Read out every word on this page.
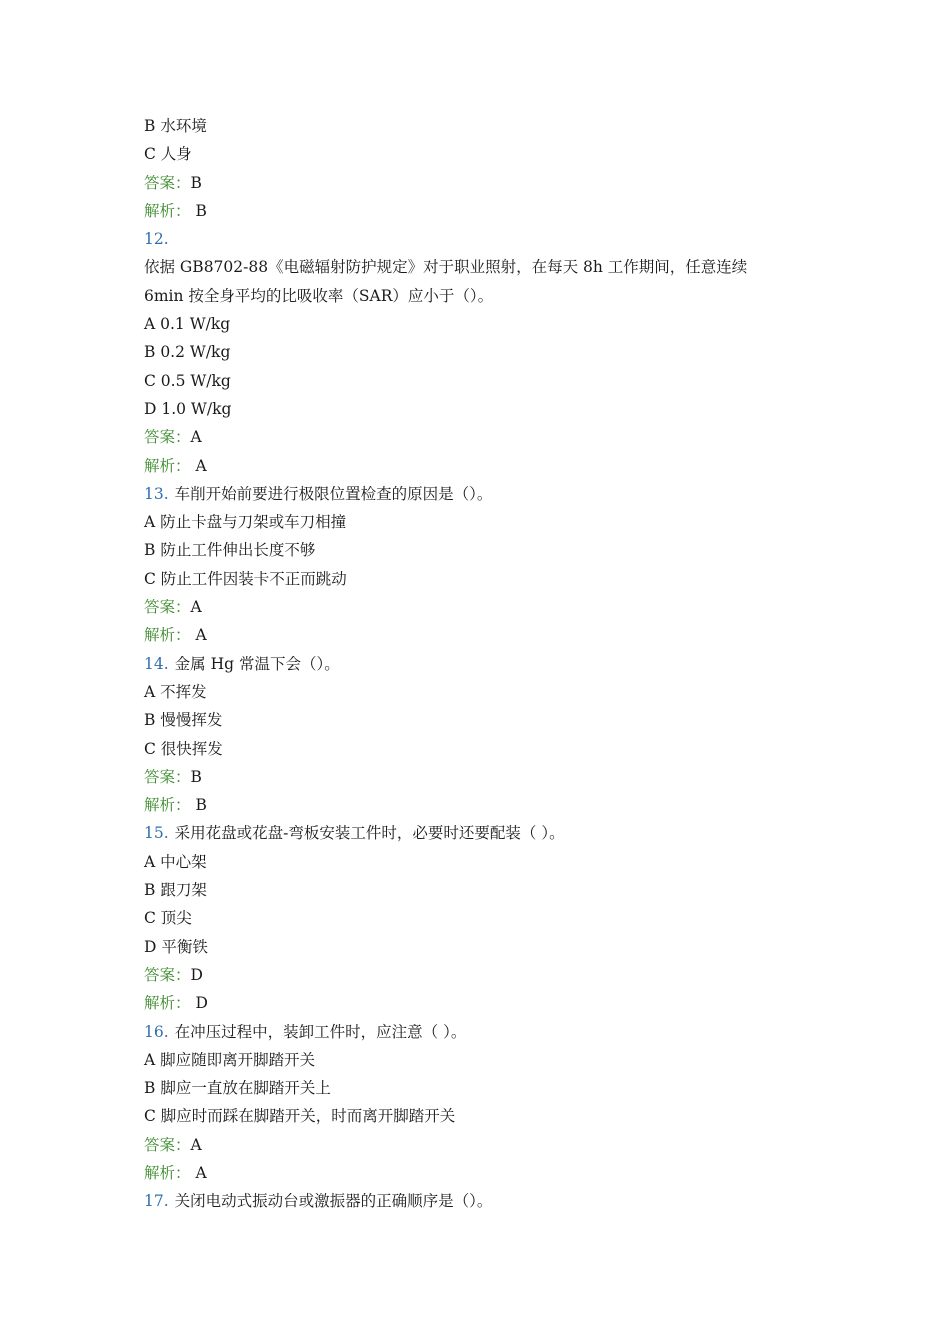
B 水环境
C 人身
答案：B
解析： B
12.
依据 GB8702-88《电磁辐射防护规定》对于职业照射，在每天 8h 工作期间，任意连续
6min 按全身平均的比吸收率（SAR）应小于（）。
A 0.1 W/kg
B 0.2 W/kg
C 0.5 W/kg
D 1.0 W/kg
答案：A
解析： A
13. 车削开始前要进行极限位置检查的原因是（）。
A 防止卡盘与刀架或车刀相撞
B 防止工件伸出长度不够
C 防止工件因装卡不正而跳动
答案：A
解析： A
14. 金属 Hg 常温下会（）。
A 不挥发
B 慢慢挥发
C 很快挥发
答案：B
解析： B
15. 采用花盘或花盘-弯板安装工件时，必要时还要配装（ ）。
A 中心架
B 跟刀架
C 顶尖
D 平衡铁
答案：D
解析： D
16. 在冲压过程中，装卸工件时，应注意（ ）。
A 脚应随即离开脚踏开关
B 脚应一直放在脚踏开关上
C 脚应时而踩在脚踏开关，时而离开脚踏开关
答案：A
解析： A
17. 关闭电动式振动台或激振器的正确顺序是（）。
